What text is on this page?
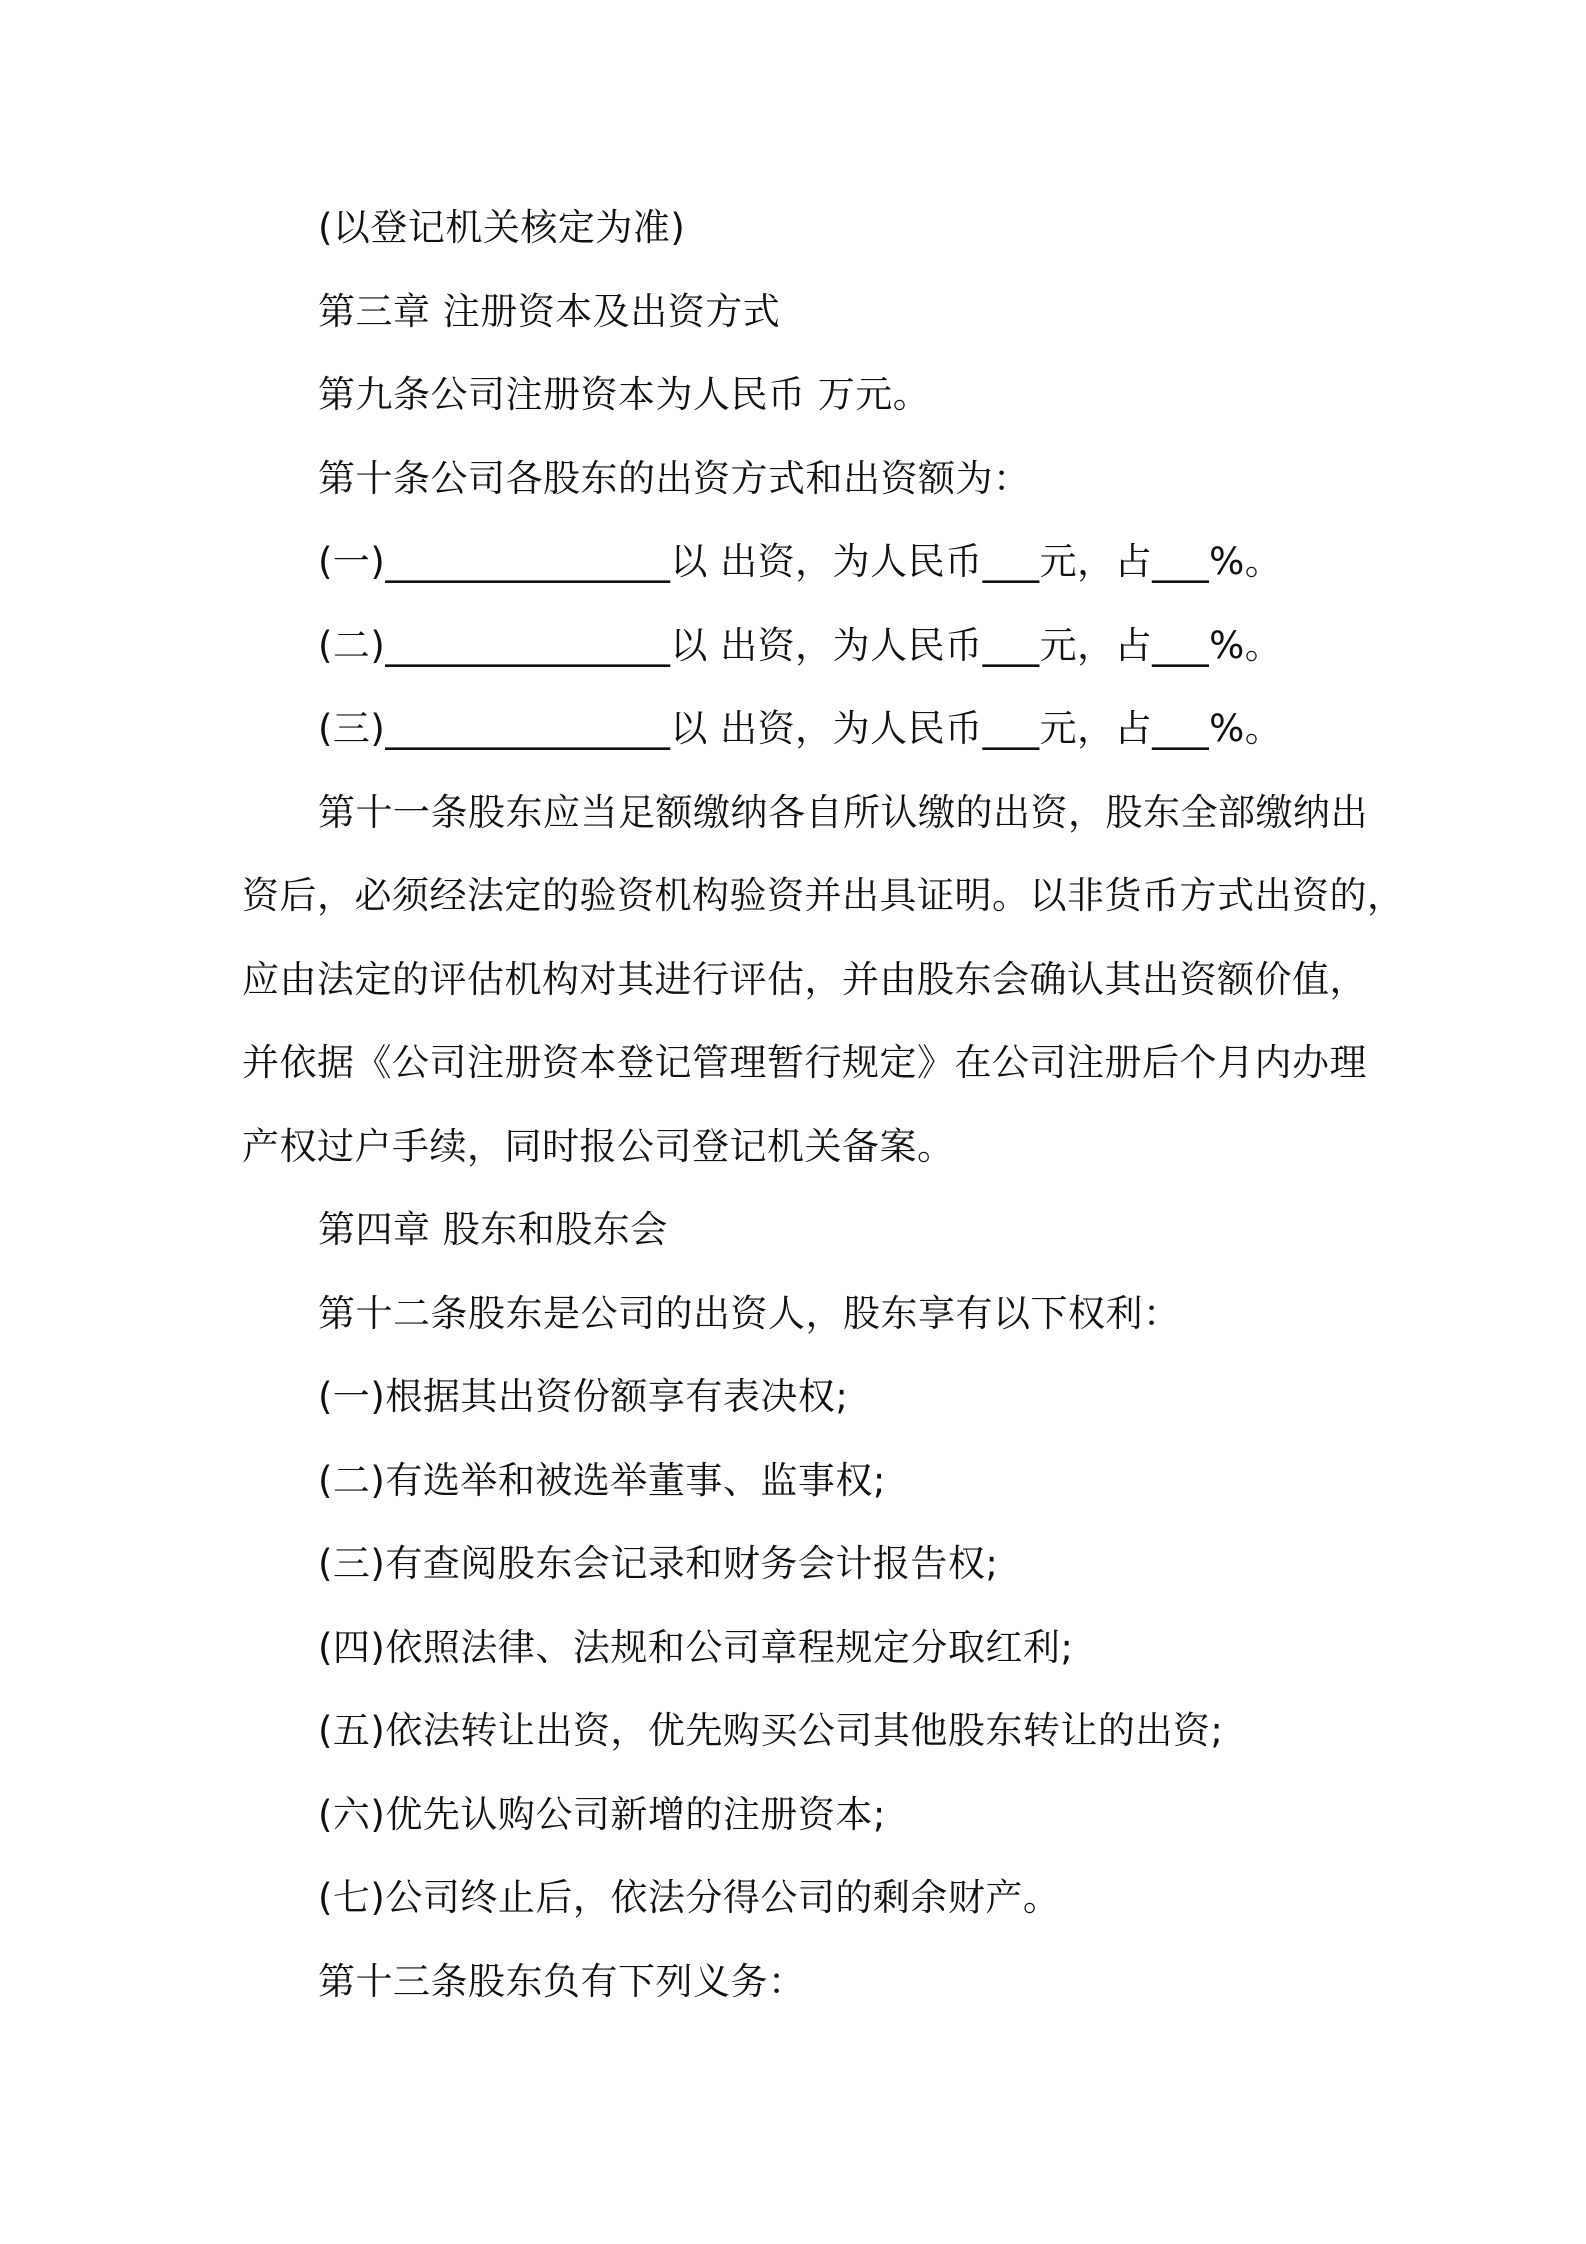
(以登记机关核定为准)
第三章 注册资本及出资方式
第九条公司注册资本为人民币 万元。
第十条公司各股东的出资方式和出资额为：
(一)_______________以 出资，为人民币___元，占___%。
(二)_______________以 出资，为人民币___元，占___%。
(三)_______________以 出资，为人民币___元，占___%。
第十一条股东应当足额缴纳各自所认缴的出资，股东全部缴纳出
资后，必须经法定的验资机构验资并出具证明。以非货币方式出资的，
应由法定的评估机构对其进行评估，并由股东会确认其出资额价值，
并依据《公司注册资本登记管理暂行规定》在公司注册后个月内办理
产权过户手续，同时报公司登记机关备案。
第四章 股东和股东会
第十二条股东是公司的出资人，股东享有以下权利：
(一)根据其出资份额享有表决权;
(二)有选举和被选举董事、监事权;
(三)有查阅股东会记录和财务会计报告权;
(四)依照法律、法规和公司章程规定分取红利;
(五)依法转让出资，优先购买公司其他股东转让的出资;
(六)优先认购公司新增的注册资本;
(七)公司终止后，依法分得公司的剩余财产。
第十三条股东负有下列义务：
